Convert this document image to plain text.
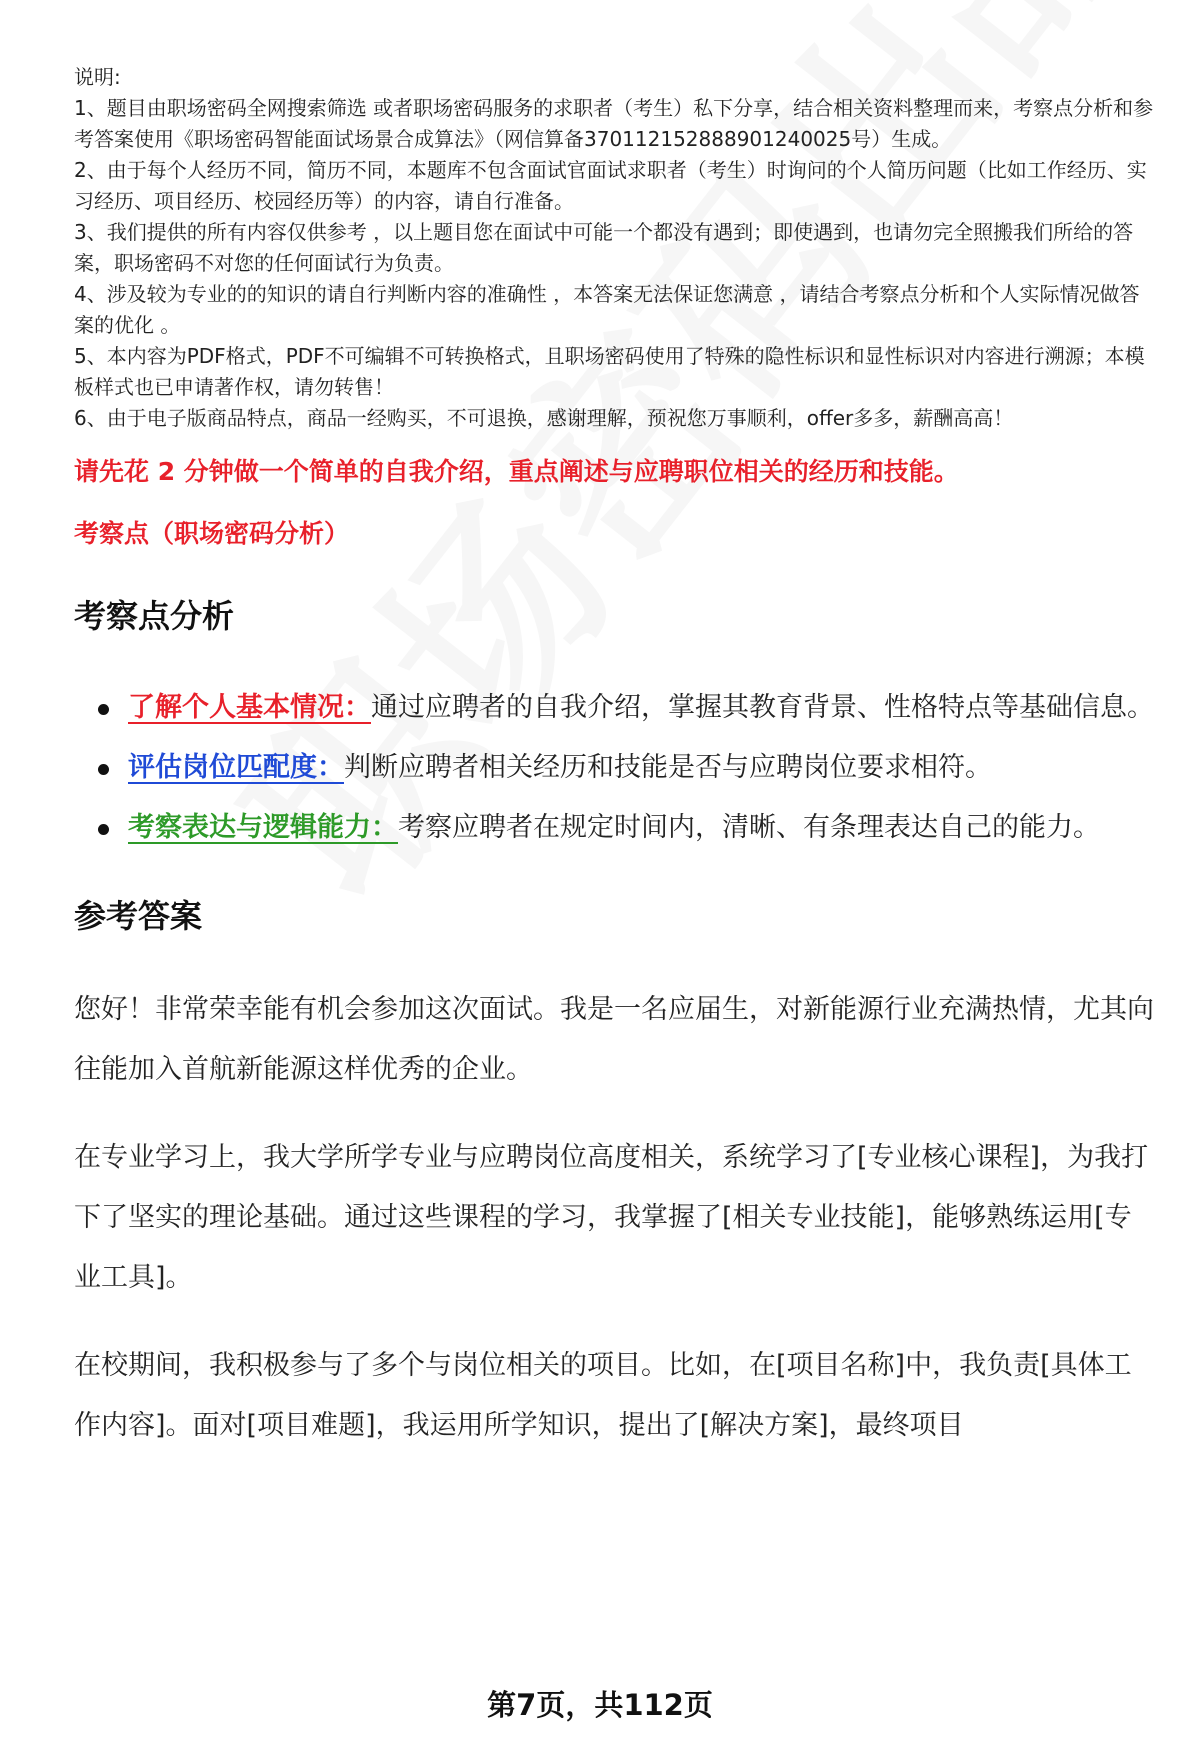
说明:

1、题目由职场密码全网搜索筛选 或者职场密码服务的求职者（考生）私下分享，结合相关资料整理而来，考察点分析和参考答案使用《职场密码智能面试场景合成算法》（网信算备370112152888901240025号）生成。

2、由于每个人经历不同，简历不同，本题库不包含面试官面试求职者（考生）时询问的个人简历问题（比如工作经历、实习经历、项目经历、校园经历等）的内容，请自行准备。

3、我们提供的所有内容仅供参考 ，以上题目您在面试中可能一个都没有遇到；即使遇到，也请勿完全照搬我们所给的答案，职场密码不对您的任何面试行为负责。

4、涉及较为专业的的知识的请自行判断内容的准确性 ，本答案无法保证您满意 ，请结合考察点分析和个人实际情况做答案的优化 。

5、本内容为PDF格式，PDF不可编辑不可转换格式，且职场密码使用了特殊的隐性标识和显性标识对内容进行溯源；本模板样式也已申请著作权，请勿转售！

6、由于电子版商品特点，商品一经购买，不可退换，感谢理解，预祝您万事顺利，offer多多，薪酬高高！

请先花 2 分钟做一个简单的自我介绍，重点阐述与应聘职位相关的经历和技能。
考察点（职场密码分析）
考察点分析
了解个人基本情况：通过应聘者的自我介绍，掌握其教育背景、性格特点等基础信息。
评估岗位匹配度：判断应聘者相关经历和技能是否与应聘岗位要求相符。
考察表达与逻辑能力：考察应聘者在规定时间内，清晰、有条理表达自己的能力。
参考答案

您好！非常荣幸能有机会参加这次面试。我是一名应届生，对新能源行业充满热情，尤其向往能加入首航新能源这样优秀的企业。

在专业学习上，我大学所学专业与应聘岗位高度相关，系统学习了[专业核心课程]，为我打下了坚实的理论基础。通过这些课程的学习，我掌握了[相关专业技能]，能够熟练运用[专业工具]。

在校期间，我积极参与了多个与岗位相关的项目。比如，在[项目名称]中，我负责[具体工作内容]。面对[项目难题]，我运用所学知识，提出了[解决方案]，最终项目

第7页，共112页
